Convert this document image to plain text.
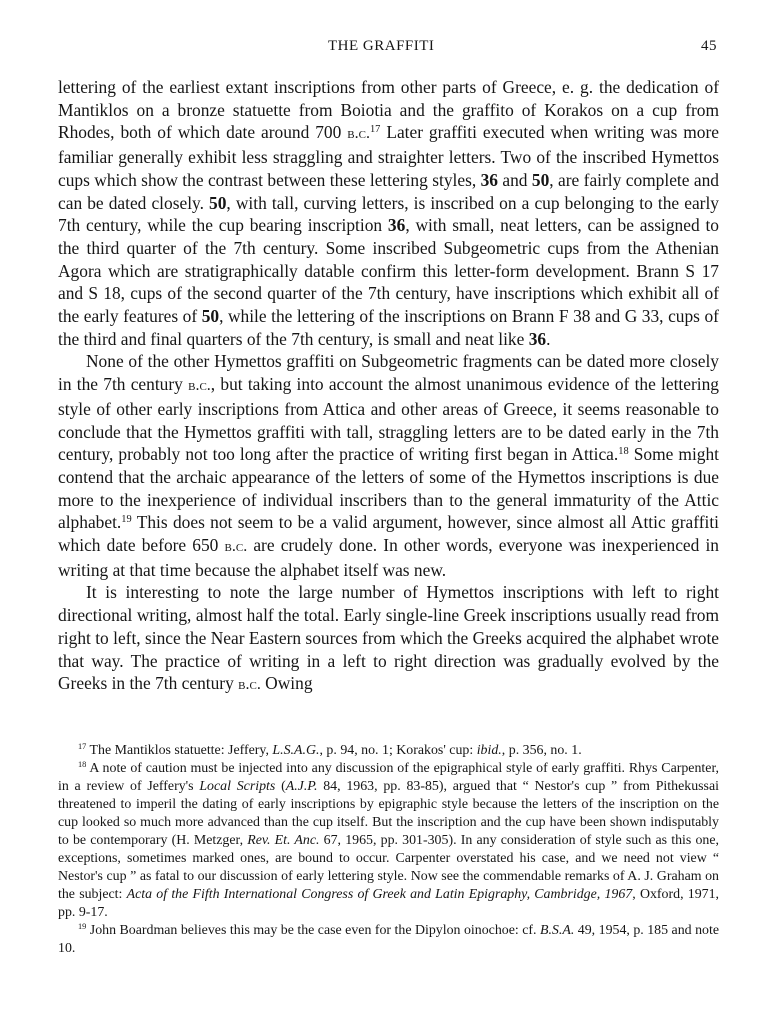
THE GRAFFITI	45

lettering of the earliest extant inscriptions from other parts of Greece, e. g. the dedication of Mantiklos on a bronze statuette from Boiotia and the graffito of Korakos on a cup from Rhodes, both of which date around 700 b.c.$^{17}$ Later graffiti executed when writing was more familiar generally exhibit less straggling and straighter letters. Two of the inscribed Hymettos cups which show the contrast between these lettering styles, 36 and 50, are fairly complete and can be dated closely. 50, with tall, curving letters, is inscribed on a cup belonging to the early 7th century, while the cup bearing inscription 36, with small, neat letters, can be assigned to the third quarter of the 7th century. Some inscribed Subgeometric cups from the Athenian Agora which are stratigraphically datable confirm this letter-form development. Brann S 17 and S 18, cups of the second quarter of the 7th century, have inscriptions which exhibit all of the early features of 50, while the lettering of the inscriptions on Brann F 38 and G 33, cups of the third and final quarters of the 7th century, is small and neat like 36.

None of the other Hymettos graffiti on Subgeometric fragments can be dated more closely in the 7th century b.c., but taking into account the almost unanimous evidence of the lettering style of other early inscriptions from Attica and other areas of Greece, it seems reasonable to conclude that the Hymettos graffiti with tall, straggling letters are to be dated early in the 7th century, probably not too long after the practice of writing first began in Attica.$^{18}$ Some might contend that the archaic appearance of the letters of some of the Hymettos inscriptions is due more to the inexperience of individual inscribers than to the general immaturity of the Attic alphabet.$^{19}$ This does not seem to be a valid argument, however, since almost all Attic graffiti which date before 650 b.c. are crudely done. In other words, everyone was inexperienced in writing at that time because the alphabet itself was new.

It is interesting to note the large number of Hymettos inscriptions with left to right directional writing, almost half the total. Early single-line Greek inscriptions usually read from right to left, since the Near Eastern sources from which the Greeks acquired the alphabet wrote that way. The practice of writing in a left to right direction was gradually evolved by the Greeks in the 7th century b.c. Owing

$^{17}$ The Mantiklos statuette: Jeffery, L.S.A.G., p. 94, no. 1; Korakos' cup: ibid., p. 356, no. 1.

$^{18}$ A note of caution must be injected into any discussion of the epigraphical style of early graffiti. Rhys Carpenter, in a review of Jeffery's Local Scripts (A.J.P. 84, 1963, pp. 83-85), argued that “ Nestor's cup ” from Pithekussai threatened to imperil the dating of early inscriptions by epigraphic style because the letters of the inscription on the cup looked so much more advanced than the cup itself. But the inscription and the cup have been shown indisputably to be contemporary (H. Metzger, Rev. Et. Anc. 67, 1965, pp. 301-305). In any consideration of style such as this one, exceptions, sometimes marked ones, are bound to occur. Carpenter overstated his case, and we need not view “ Nestor's cup ” as fatal to our discussion of early lettering style. Now see the commendable remarks of A. J. Graham on the subject: Acta of the Fifth International Congress of Greek and Latin Epigraphy, Cambridge, 1967, Oxford, 1971, pp. 9-17.

$^{19}$ John Boardman believes this may be the case even for the Dipylon oinochoe: cf. B.S.A. 49, 1954, p. 185 and note 10.
